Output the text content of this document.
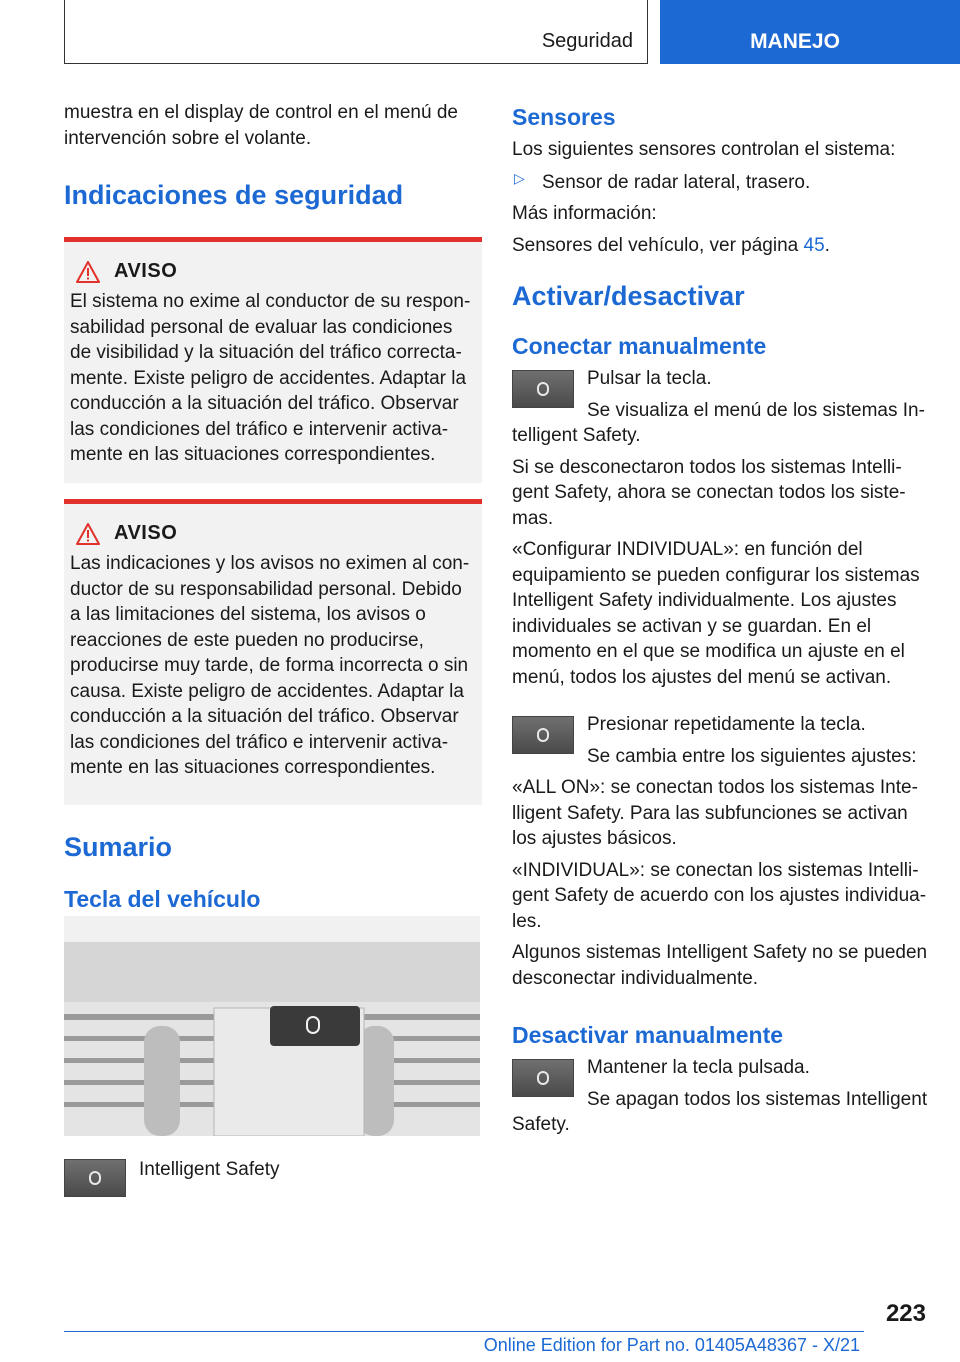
Seguridad	MANEJO

muestra en el display de control en el menú de intervención sobre el volante.

Indicaciones de seguridad

AVISO

El sistema no exime al conductor de su responsabilidad personal de evaluar las condiciones de visibilidad y la situación del tráfico correctamente. Existe peligro de accidentes. Adaptar la conducción a la situación del tráfico. Observar las condiciones del tráfico e intervenir activamente en las situaciones correspondientes.

AVISO

Las indicaciones y los avisos no eximen al conductor de su responsabilidad personal. Debido a las limitaciones del sistema, los avisos o reacciones de este pueden no producirse, producirse muy tarde, de forma incorrecta o sin causa. Existe peligro de accidentes. Adaptar la conducción a la situación del tráfico. Observar las condiciones del tráfico e intervenir activamente en las situaciones correspondientes.

Sumario

Tecla del vehículo

Intelligent Safety

Sensores

Los siguientes sensores controlan el sistema:

▷ Sensor de radar lateral, trasero.

Más información:

Sensores del vehículo, ver página 45.

Activar/desactivar

Conectar manualmente

Pulsar la tecla.

Se visualiza el menú de los sistemas In-

telligent Safety.

Si se desconectaron todos los sistemas Intelligent Safety, ahora se conectan todos los sistemas.

«Configurar INDIVIDUAL»: en función del equipamiento se pueden configurar los sistemas Intelligent Safety individualmente. Los ajustes individuales se activan y se guardan. En el momento en el que se modifica un ajuste en el menú, todos los ajustes del menú se activan.

Presionar repetidamente la tecla.

Se cambia entre los siguientes ajustes:

«ALL ON»: se conectan todos los sistemas Intelligent Safety. Para las subfunciones se activan los ajustes básicos.

«INDIVIDUAL»: se conectan los sistemas Intelligent Safety de acuerdo con los ajustes individuales.

Algunos sistemas Intelligent Safety no se pueden desconectar individualmente.

Desactivar manualmente

Mantener la tecla pulsada.

Se apagan todos los sistemas Intelligent

Safety.

223
Online Edition for Part no. 01405A48367 - X/21
